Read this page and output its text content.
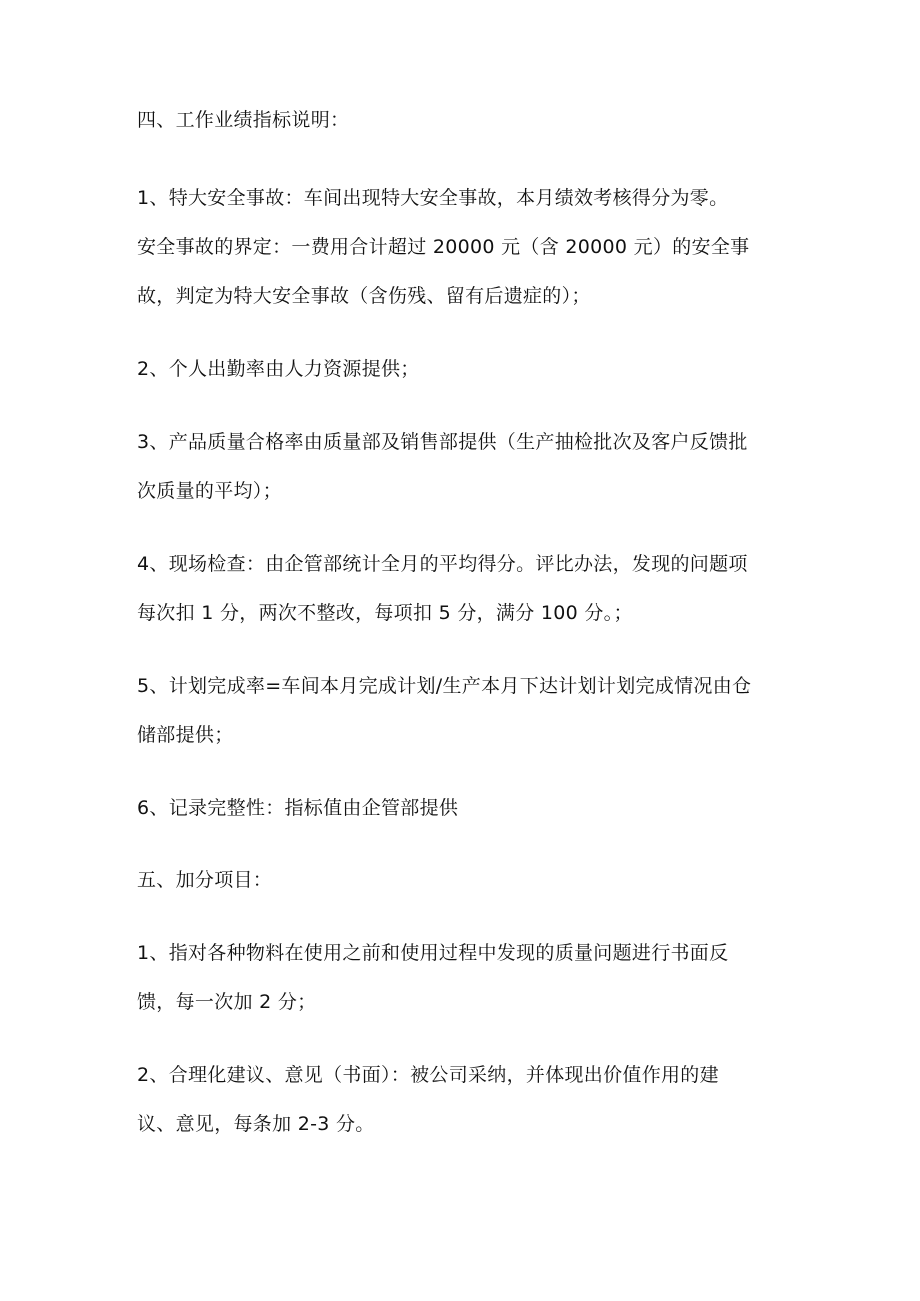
四、工作业绩指标说明：
1、特大安全事故：车间出现特大安全事故，本月绩效考核得分为零。
安全事故的界定：一费用合计超过 20000 元（含 20000 元）的安全事
故，判定为特大安全事故（含伤残、留有后遗症的）；
2、个人出勤率由人力资源提供；
3、产品质量合格率由质量部及销售部提供（生产抽检批次及客户反馈批
次质量的平均）；
4、现场检查：由企管部统计全月的平均得分。评比办法，发现的问题项
每次扣 1 分，两次不整改，每项扣 5 分，满分 100 分。；
5、计划完成率=车间本月完成计划/生产本月下达计划计划完成情况由仓
储部提供；
6、记录完整性：指标值由企管部提供
五、加分项目：
1、指对各种物料在使用之前和使用过程中发现的质量问题进行书面反
馈，每一次加 2 分；
2、合理化建议、意见（书面）：被公司采纳，并体现出价值作用的建
议、意见，每条加 2-3 分。
